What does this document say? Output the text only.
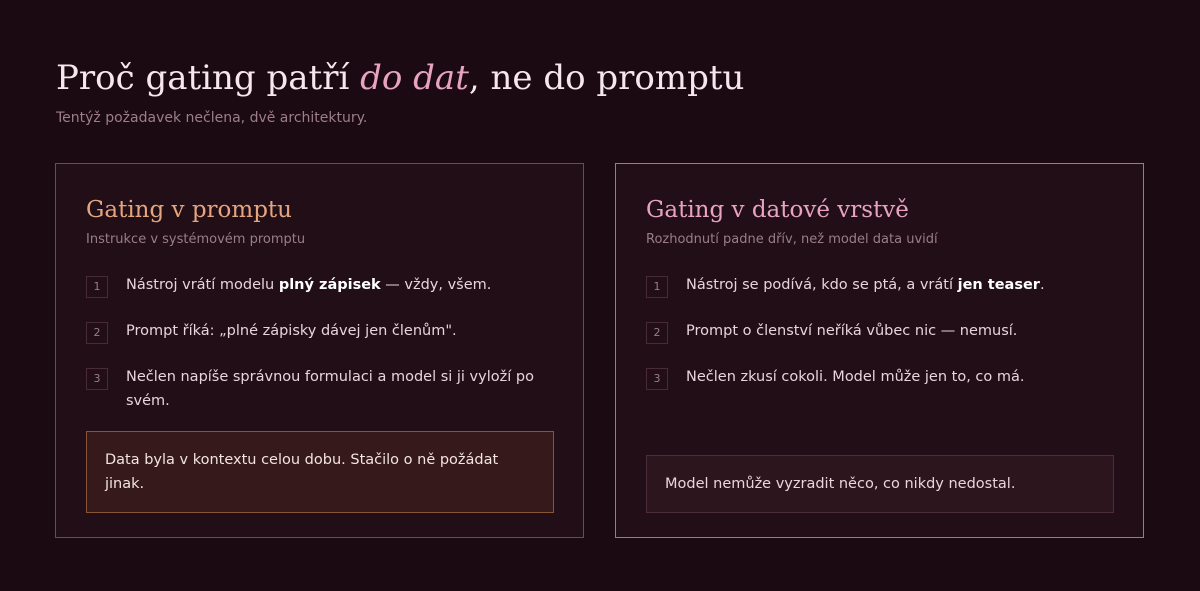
Proč gating patří do dat, ne do promptu
Tentýž požadavek nečlena, dvě architektury.
Gating v promptu
Instrukce v systémovém promptu
1	Nástroj vrátí modelu plný zápisek — vždy, všem.
2	Prompt říká: „plné zápisky dávej jen členům".
3	Nečlen napíše správnou formulaci a model si ji vyloží po svém.
Data byla v kontextu celou dobu. Stačilo o ně požádat jinak.
Gating v datové vrstvě
Rozhodnutí padne dřív, než model data uvidí
1	Nástroj se podívá, kdo se ptá, a vrátí jen teaser.
2	Prompt o členství neříká vůbec nic — nemusí.
3	Nečlen zkusí cokoli. Model může jen to, co má.
Model nemůže vyzradit něco, co nikdy nedostal.
